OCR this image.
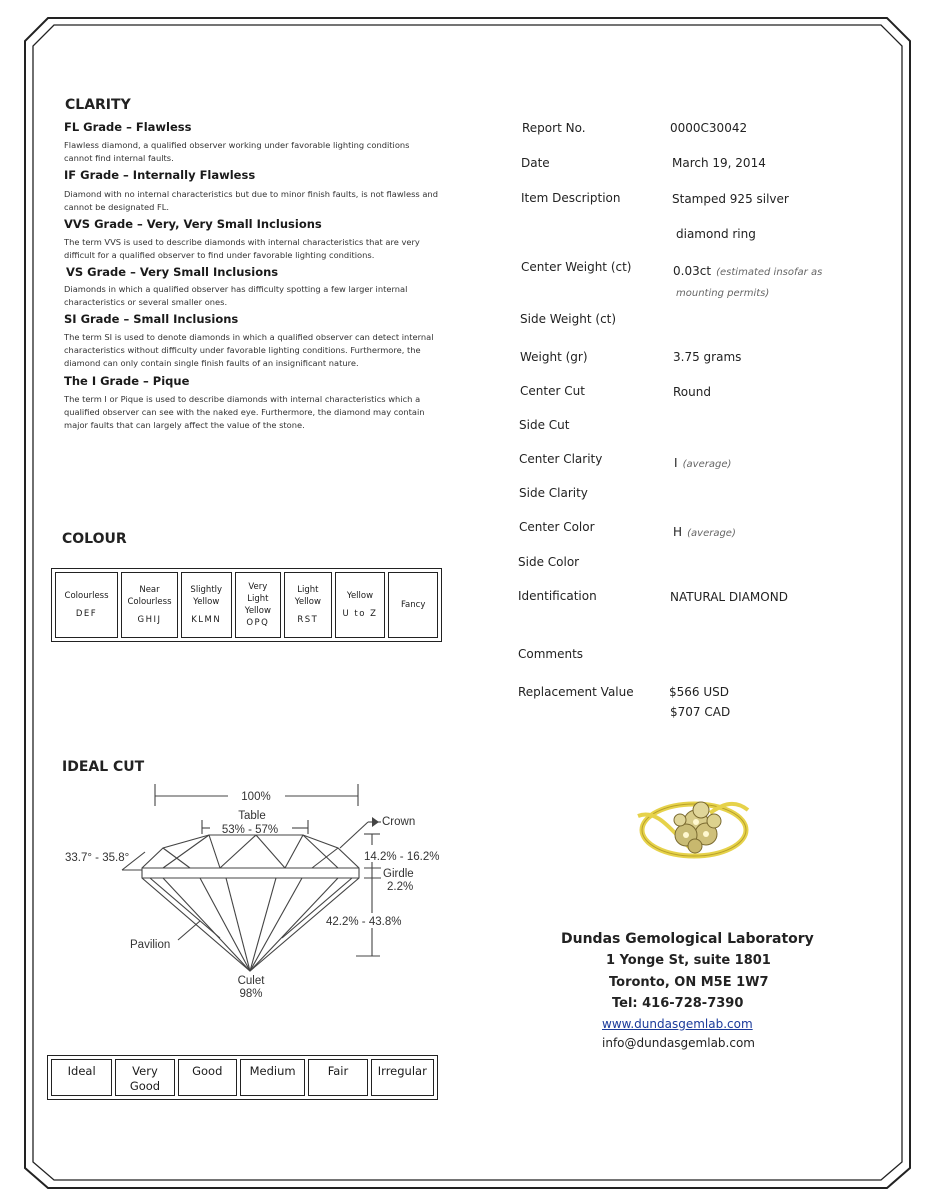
CLARITY
FL Grade – Flawless
Flawless diamond, a qualified observer working under favorable lighting conditions cannot find internal faults.
IF Grade – Internally Flawless
Diamond with no internal characteristics but due to minor finish faults, is not flawless and cannot be designated FL.
VVS Grade – Very, Very Small Inclusions
The term VVS is used to describe diamonds with internal characteristics that are very difficult for a qualified observer to find under favorable lighting conditions.
VS Grade – Very Small Inclusions
Diamonds in which a qualified observer has difficulty spotting a few larger internal characteristics or several smaller ones.
SI Grade – Small Inclusions
The term SI is used to denote diamonds in which a qualified observer can detect internal characteristics without difficulty under favorable lighting conditions. Furthermore, the diamond can only contain single finish faults of an insignificant nature.
The I Grade – Pique
The term I or Pique is used to describe diamonds with internal characteristics which a qualified observer can see with the naked eye. Furthermore, the diamond may contain major faults that can largely affect the value of the stone.
COLOUR
Colourless
DEF
	Near
Colourless
GHIJ
	Slightly
Yellow
KLMN
	Very
Light
Yellow
OPQ	Light
Yellow
RST
	Yellow
U to Z
	Fancy
IDEAL CUT
100%
Table
53% - 57%
Crown
33.7° - 35.8°	14.2% - 16.2%
Girdle
2.2%
42.2% - 43.8%
Pavilion
Culet
98%
Ideal	Very
Good	Good	Medium	Fair	Irregular
Report No.	0000C30042
Date	March 19, 2014
Item Description	Stamped 925 silver
diamond ring
Center Weight (ct)	0.03ct (estimated insofar as
mounting permits)
Side Weight (ct)
Weight (gr)	3.75 grams
Center Cut	Round
Side Cut
Center Clarity	I (average)
Side Clarity
Center Color	H (average)
Side Color
Identification	NATURAL DIAMOND
Comments
Replacement Value	$566 USD
$707 CAD
Dundas Gemological Laboratory
1 Yonge St, suite 1801
Toronto, ON M5E 1W7
Tel: 416-728-7390
www.dundasgemlab.com
info@dundasgemlab.com
